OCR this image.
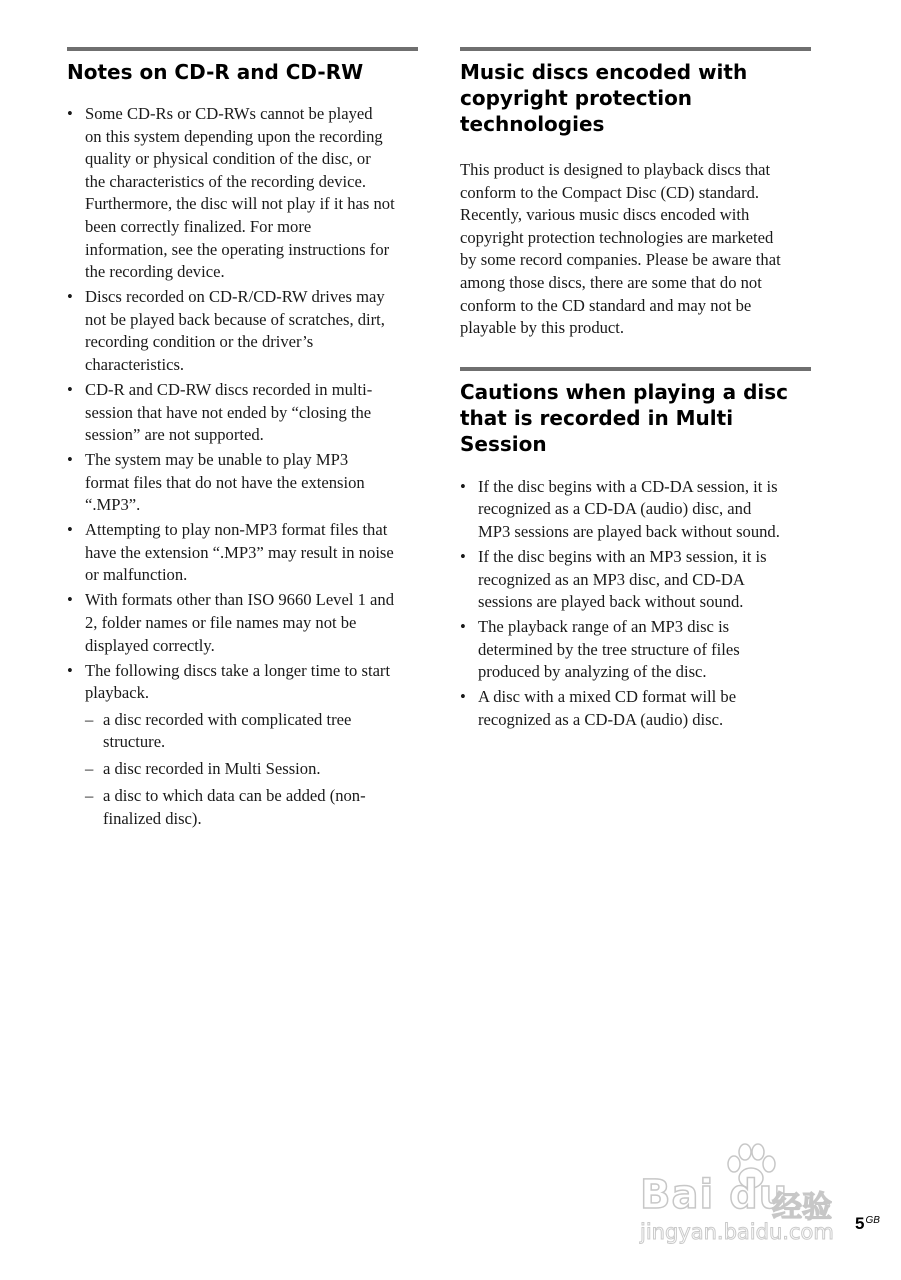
Notes on CD-R and CD-RW
• Some CD-Rs or CD-RWs cannot be played
on this system depending upon the recording
quality or physical condition of the disc, or
the characteristics of the recording device.
Furthermore, the disc will not play if it has not
been correctly finalized. For more
information, see the operating instructions for
the recording device.
• Discs recorded on CD-R/CD-RW drives may
not be played back because of scratches, dirt,
recording condition or the driver’s
characteristics.
• CD-R and CD-RW discs recorded in multi-
session that have not ended by “closing the
session” are not supported.
• The system may be unable to play MP3
format files that do not have the extension
“.MP3”.
• Attempting to play non-MP3 format files that
have the extension “.MP3” may result in noise
or malfunction.
• With formats other than ISO 9660 Level 1 and
2, folder names or file names may not be
displayed correctly.
• The following discs take a longer time to start
playback.
– a disc recorded with complicated tree
structure.
– a disc recorded in Multi Session.
– a disc to which data can be added (non-
finalized disc).
Music discs encoded with
copyright protection
technologies

This product is designed to playback discs that
conform to the Compact Disc (CD) standard.
Recently, various music discs encoded with
copyright protection technologies are marketed
by some record companies. Please be aware that
among those discs, there are some that do not
conform to the CD standard and may not be
playable by this product.

Cautions when playing a disc
that is recorded in Multi
Session
• If the disc begins with a CD-DA session, it is
recognized as a CD-DA (audio) disc, and
MP3 sessions are played back without sound.
• If the disc begins with an MP3 session, it is
recognized as an MP3 disc, and CD-DA
sessions are played back without sound.
• The playback range of an MP3 disc is
determined by the tree structure of files
produced by analyzing of the disc.
• A disc with a mixed CD format will be
recognized as a CD-DA (audio) disc.
Bai du
经验
jingyan.baidu.com $5^{GB}$
